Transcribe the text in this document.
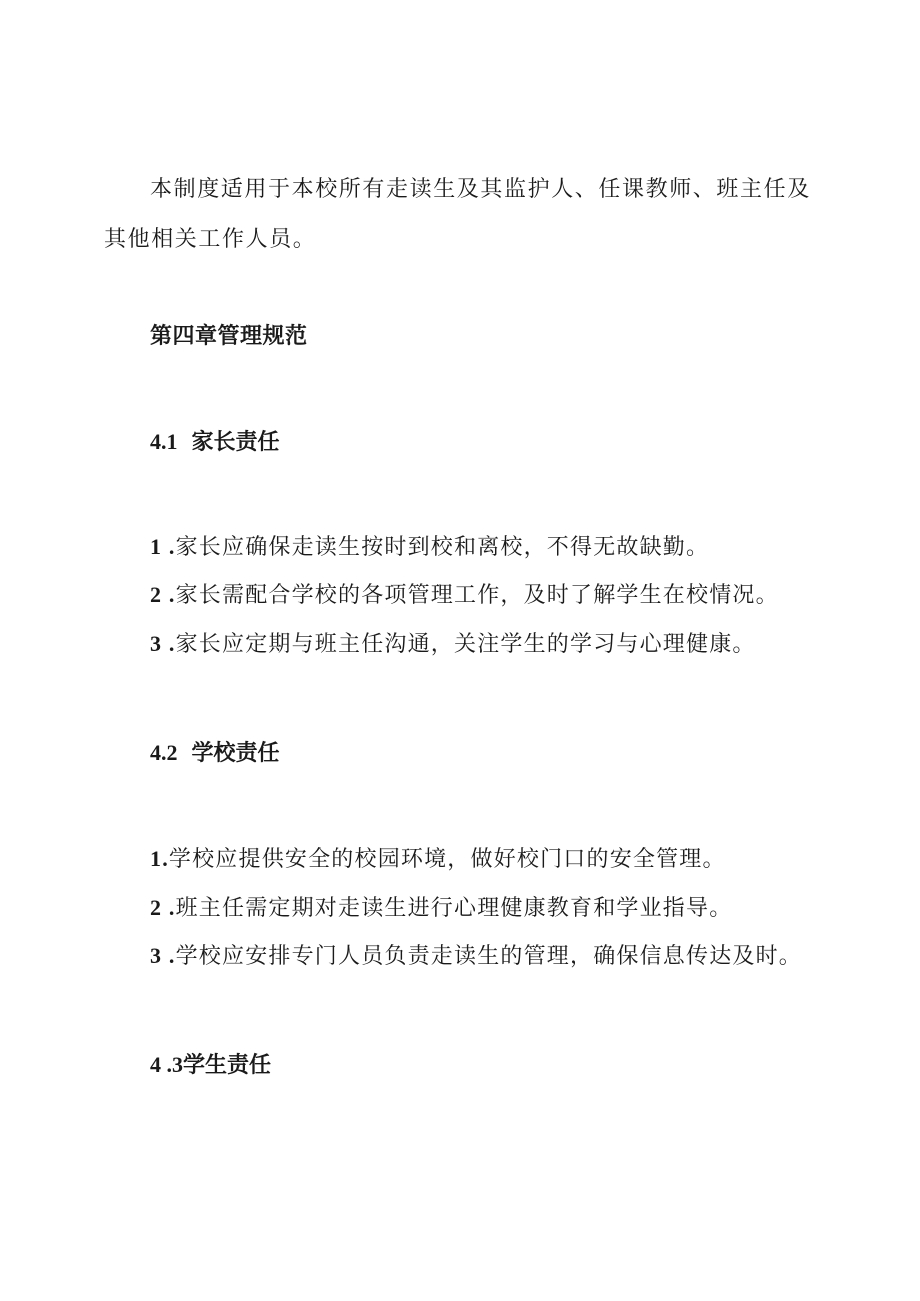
本制度适用于本校所有走读生及其监护人、任课教师、班主任及

其他相关工作人员。

第四章管理规范
4.1 家长责任

1 .家长应确保走读生按时到校和离校，不得无故缺勤。

2 .家长需配合学校的各项管理工作，及时了解学生在校情况。

3 .家长应定期与班主任沟通，关注学生的学习与心理健康。

4.2 学校责任

1.学校应提供安全的校园环境，做好校门口的安全管理。

2 .班主任需定期对走读生进行心理健康教育和学业指导。

3 .学校应安排专门人员负责走读生的管理，确保信息传达及时。

4 .3学生责任
